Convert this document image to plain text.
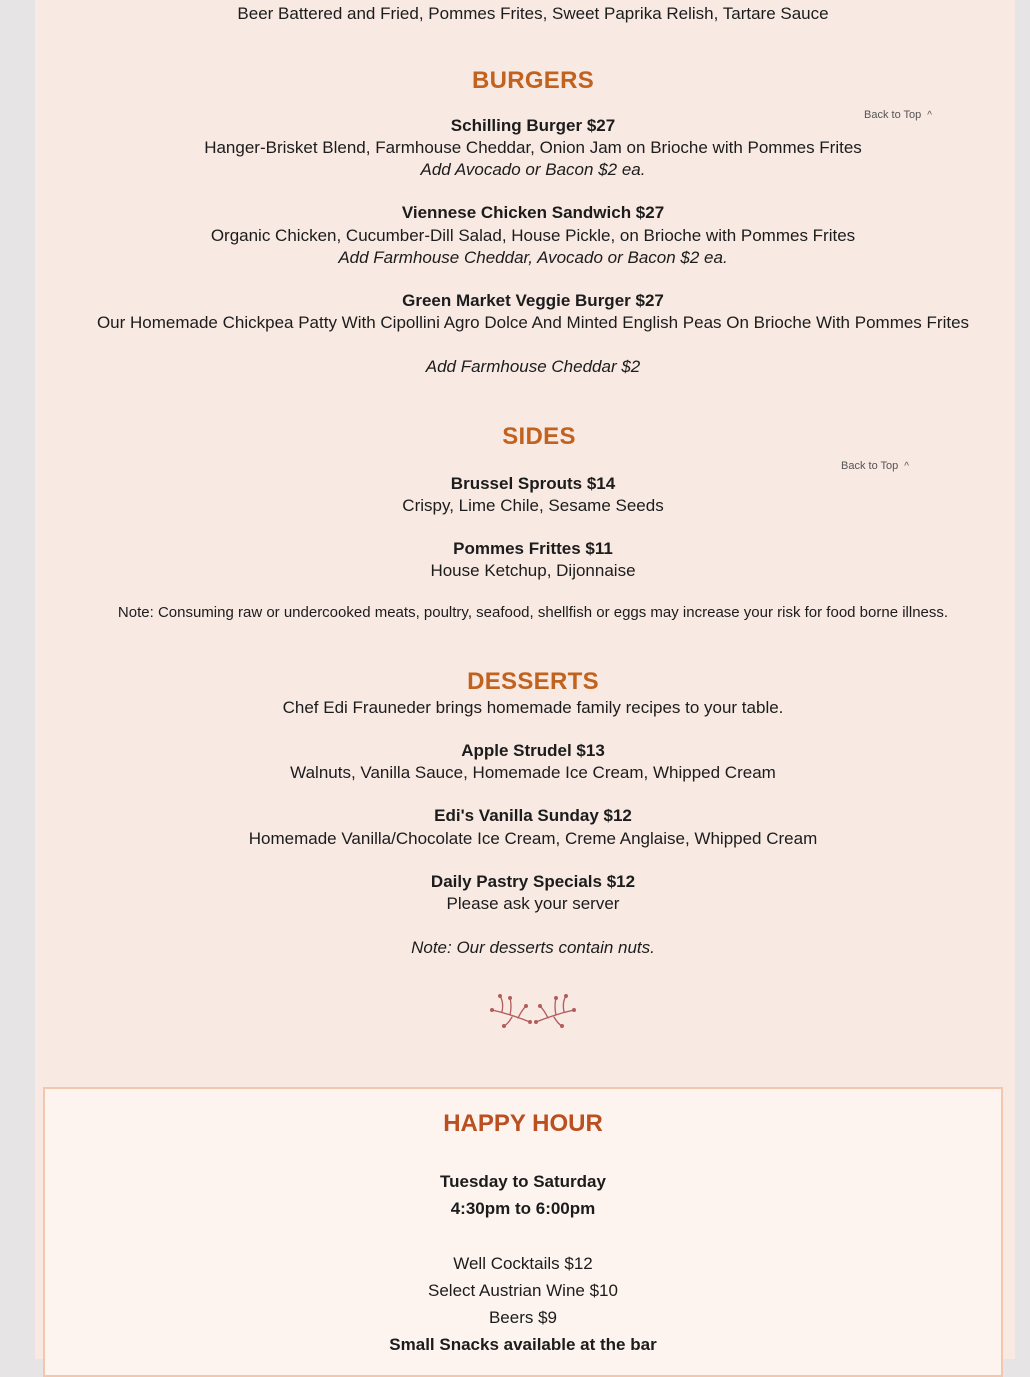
Beer Battered and Fried, Pommes Frites, Sweet Paprika Relish, Tartare Sauce
BURGERS
Back to Top ^
Schilling Burger $27
Hanger-Brisket Blend, Farmhouse Cheddar, Onion Jam on Brioche with Pommes Frites
Add Avocado or Bacon $2 ea.
Viennese Chicken Sandwich $27
Organic Chicken, Cucumber-Dill Salad, House Pickle, on Brioche with Pommes Frites
Add Farmhouse Cheddar, Avocado or Bacon $2 ea.
Green Market Veggie Burger $27
Our Homemade Chickpea Patty With Cipollini Agro Dolce And Minted English Peas On Brioche With Pommes Frites
Add Farmhouse Cheddar $2
SIDES
Back to Top ^
Brussel Sprouts $14
Crispy, Lime Chile, Sesame Seeds
Pommes Frittes $11
House Ketchup, Dijonnaise
Note: Consuming raw or undercooked meats, poultry, seafood, shellfish or eggs may increase your risk for food borne illness.
DESSERTS
Chef Edi Frauneder brings homemade family recipes to your table.
Apple Strudel $13
Walnuts, Vanilla Sauce, Homemade Ice Cream, Whipped Cream
Edi's Vanilla Sunday $12
Homemade Vanilla/Chocolate Ice Cream, Creme Anglaise, Whipped Cream
Daily Pastry Specials $12
Please ask your server
Note: Our desserts contain nuts.
HAPPY HOUR
Tuesday to Saturday
4:30pm to 6:00pm
Well Cocktails $12
Select Austrian Wine $10
Beers $9
Small Snacks available at the bar
